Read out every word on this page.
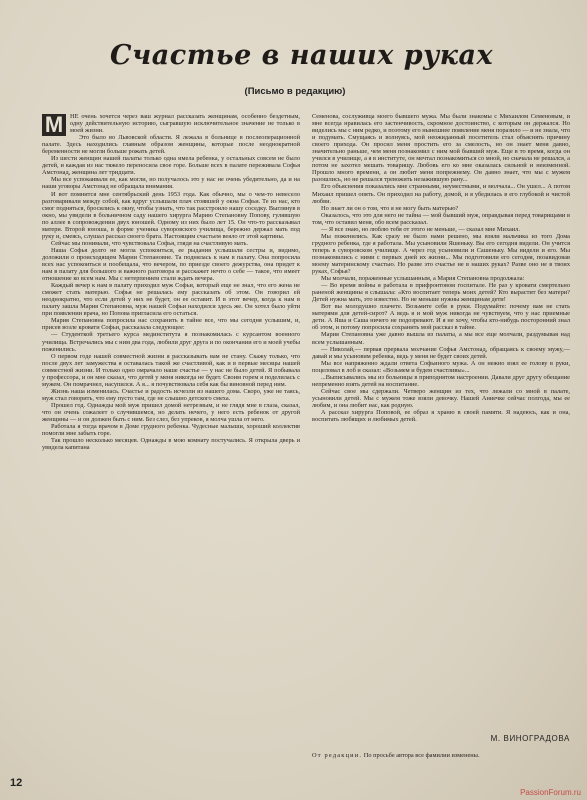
Счастье в наших руках
(Письмо в редакцию)
М	НЕ очень хочется через ваш журнал рассказать женщинам, особенно бездетным, одну действительную историю, сыгравшую исключительное значение не только в моей жизни.

Это было во Львовской области. Я лежала в больнице в послеоперационной палате. Здесь находились главным образом женщины, которые после неоднократной беременности не могли больше рожать детей.

Из шести женщин нашей палаты только одна имела ребенка, у остальных совсем не было детей, и каждая из нас тяжело переносила свое горе. Больше всех в палате переживала Софья Амстонад, женщина лет тридцати.

Мы все успокаивали ее, как могли, но получалось это у нас не очень убедительно, да и на наши уговоры Амстонад не обращала внимания.

И вот помнится мне сентябрьский день 1953 года. Как обычно, мы о чем-то невесело разговаривали между собой, как вдруг услышали плач стоявшей у окна Софьи. Те из нас, кто смог подняться, бросились к окну, чтобы узнать, что так расстроило нашу соседку. Выглянув в окно, мы увидели в больничном саду нашего хирурга Марию Степановну Попову, гулявшую по аллее в сопровождении двух юношей. Одному из них было лет 15. Он что-то рассказывал матери. Второй юноша, в форме ученика суворовского училища, бережно держал мать под руку и, смеясь, слушал рассказ своего брата. Настоящим счастьем веяло от этой картины.

Сейчас мы понимали, что чувствовала Софья, глядя на счастливую мать.

Наша Софья долго не могла успокоиться, ее рыдания услышали сестры и, видимо, доложили о происходящем Марии Степановне. Та поднялась к нам в палату. Она попросила всех нас успокоиться и пообещала, что вечером, по приезде своего дежурства, она придет к нам в палату для большого и важного разговора и расскажет нечто о себе — такое, что имеет отношение ко всем нам. Мы с нетерпением стали ждать вечера.

Каждый вечер к нам в палату приходил муж Софьи, который еще не знал, что его жена не сможет стать матерью. Софья не решалась ему рассказать об этом. Он говорил ей неоднократно, что если детей у них не будет, он ее оставит. И в этот вечер, когда к нам в палату зашла Мария Степановна, муж нашей Софьи находился здесь же. Он хотел было уйти при появлении врача, но Попова пригласила его остаться.

Мария Степановна попросила нас сохранить в тайне все, что мы сегодня услышим, и, присев возле кровати Софьи, рассказала следующее:

— Студенткой третьего курса мединститута я познакомилась с курсантом военного училища. Встречались мы с ним два года, любили друг друга и по окончании его и моей учебы поженились.

О первом годе нашей совместной жизни я рассказывать вам не стану. Скажу только, что после двух лет замужества я оставалась такой же счастливой, как и в первые месяцы нашей совместной жизни. И только одно омрачало наше счастье — у нас не было детей. Я побывала у профессора, и он мне сказал, что детей у меня никогда не будет. Своим горем я поделилась с мужем. Он помрачнел, насупился. А я... я почувствовала себя как бы виновной перед ним.

Жизнь наша изменилась. Счастье и радость исчезли из нашего дома. Скоро, уже не таясь, муж стал говорить, что ему пусто там, где не слышно детского смеха.

Прошел год. Однажды мой муж пришел домой нетрезвым, и не глядя мне в глаза, сказал, что он очень сожалеет о случившемся, но делать нечего, у него есть ребенок от другой женщины — и он должен быть с ним. Без слез, без упреков, я молча ушла от него.

Работала я тогда врачом в Доме грудного ребенка. Чудесные малыши, хороший коллектив помогли мне забыть горе.

Так прошло несколько месяцев. Однажды в мою комнату постучались. Я открыла дверь и увидела капитана

Семенова, сослуживца моего бывшего мужа. Мы были знакомы с Михаилом Семеновым, и мне всегда нравилась его застенчивость, скромное достоинство, с которым он держался. Но виделись мы с ним редко, и поэтому его нынешнее появление меня поразило — и не знала, что и подумать. Смущаясь и волнуясь, мой неожиданный посетитель стал объяснять причину своего прихода. Он просил меня простить его за смелость, но он знает меня давно, значительно раньше, чем меня познакомил с ним мой бывший муж. Еще в то время, когда он учился в училище, а я в институте, он мечтал познакомиться со мной, но сначала не решался, а потом не захотел мешать товарищу. Любовь его ко мне оказалась сильной и неизменной. Прошло много времени, а он любит меня попрежнему. Он давно знает, что мы с мужем разошлись, но не решался тревожить незажившую рану...

Его объяснения показались мне странными, неуместными, и молчала... Он ушел... А потом Михаил пришел опять. Он приходил на работу, домой, и я убедилась в его глубокой и чистой любви.

Но знает ли он о том, что я не могу быть матерью?

Оказалось, что это для него не тайна — мой бывший муж, оправдывая перед товарищами в том, что оставил меня, обо всем рассказал.

— Я все знаю, но люблю тебя от этого не меньше, — сказал мне Михаил.

Мы поженились. Как сразу не было нами решено, мы взяли мальчика из того Дома грудного ребенка, где я работала. Мы усыновили Яшеньку. Вы его сегодня видели. Он учится теперь в суворовском училище. А через год усыновили и Сашеньку. Мы видели и его. Мы познакомились с ними с первых дней их жизни... Мы подготовили его сегодня, позавидовав моему материнскому счастью. Но разве это счастье не в наших руках? Разве оно не в твоих руках, Софья?

Мы молчали, пораженные услышанным, а Мария Степановна продолжала:

— Во время войны я работала в прифронтовом госпитале. Не раз у кровати смертельно раненой женщины я слышала: «Кто воспитает теперь моих детей? Кто вырастит без матери? Детей нужна мать, это известно. Но не меньше нужны женщинам дети!

Вот вы молодушно плачете. Возьмите себя в руки. Подумайте: почему вам не стать матерями для детей-сирот? А ведь я и мой муж никогда не чувствуем, что у нас приемные дети. А Яша и Саша ничего не подозревают. И я не хочу, чтобы кто-нибудь посторонний знал об этом, и потому попросила сохранить мой рассказ в тайне.

Мария Степановна уже давно вышла из палаты, а мы все еще молчали, раздумывая над всем услышанным.

— Николай,— первая прервала молчание Софья Амстонад, обращаясь к своему мужу,— давай и мы усыновим ребенка, ведь у меня не будет своих детей.

Мы все напряженно ждали ответа Софьиного мужа. А он нежно взял ее голову в руки, поцеловал в лоб и сказал: «Возьмем и будем счастливы»...

...Выписывались мы из больницы в приподнятом настроении. Давали друг другу обещание непременно взять детей на воспитание.

Сейчас свое мы сдержали. Четверо женщин из тех, что лежали со мной в палате, усыновили детей. Мы с мужем тоже взяли девочку. Нашей Аниечке сейчас полгода, мы ее любим, и она любит нас, как родную.

А рассказ хирурга Поповой, ее образ я храню в своей памяти. Я надеюсь, как и она, воспитать любящих и любимых детей.

М. ВИНОГРАДОВА
От редакции. По просьбе автора все фамилии изменены.
12
PassionForum.ru
